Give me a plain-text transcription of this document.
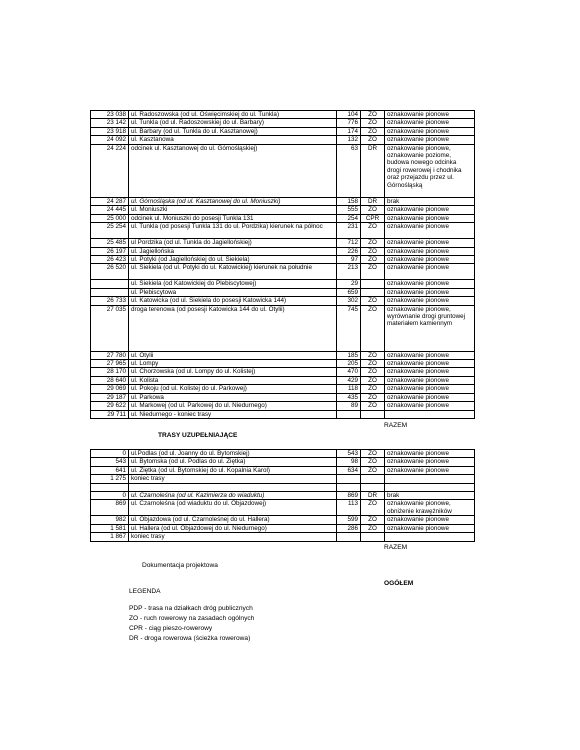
23 038	ul. Radoszowska (od ul. Oświęcimskiej do ul. Tunkla)	104	ZO	oznakowanie pionowe
23 142	ul. Tunkla (od ul. Radoszowskiej do ul. Barbary)	776	ZO	oznakowanie pionowe
23 918	ul. Barbary (od ul. Tunkla do ul. Kasztanowej)	174	ZO	oznakowanie pionowe
24 092	ul. Kasztanowa	132	ZO	oznakowanie pionowe
24 224	odcinek ul. Kasztanowej do ul. Gómośląskiej)	63	DR	oznakowanie pionowe, oznakowanie poziome, budowa nowego odcinka drogi rowerowej i chodnika oraz przejazdu przez ul. Górnośląską
24 287	ul. Górnośląska (od ul. Kasztanowej do ul. Moniuszki)	158	DR	brak
24 445	ul. Moniuszki	555	ZO	oznakowanie pionowe
25 000	odcinek ul. Moniuszki do posesji Tunkla 131	254	CPR	oznakowanie pionowe
25 254	ul. Tunkla (od posesji Tunkla 131 do ul. Pordzika) kierunek na północ	231	ZO	oznakowanie pionowe
25 485	ul Pordzika (od ul. Tunkla do Jagiellońskiej)	712	ZO	oznakowanie pionowe
26 197	ul. Jagiellońska	226	ZO	oznakowanie pionowe
26 423	ul. Potyki (od Jagiellońskiej do ul. Siekiela)	97	ZO	oznakowanie pionowe
26 520	ul. Siekiela (od ul. Potyki do ul. Katowickiej) kierunek na południe	213	ZO	oznakowanie pionowe
	ul. Siekiela (od Katowickiej do Plebiscytowej)	29		oznakowanie pionowe
	ul. Plebiscytowa	659		oznakowanie pionowe
26 733	ul. Katowicka (od ul. Siekiela do posesji Katowicka 144)	302	ZO	oznakowanie pionowe
27 035	droga terenowa (od posesji Katowicka 144 do ul. Otylii)	745	ZO	oznakowanie pionowe, wyrównanie drogi gruntowej materiałem kamiennym
27 780	ul. Otylii	185	ZO	oznakowanie pionowe
27 965	ul. Lompy	205	ZO	oznakowanie pionowe
28 170	ul. Chorzowska (od ul. Lompy do ul. Kolistej)	470	ZO	oznakowanie pionowe
28 640	ul. Kolista	429	ZO	oznakowanie pionowe
29 069	ul. Pokoju (od ul. Kolistej do ul. Parkowej)	118	ZO	oznakowanie pionowe
29 187	ul. Parkowa	435	ZO	oznakowanie pionowe
29 622	ul. Markowej (od ul. Parkowej do ul. Niedurnego)	89	ZO	oznakowanie pionowe
29 711	ul. Niedurnego - koniec trasy			
RAZEM
TRASY UZUPEŁNIAJĄCE
0	ul.Podlas (od ul. Joanny do ul. Bytomskiej)	543	ZO	oznakowanie pionowe
543	ul. Bytomska (od ul. Podlas do ul. Ziętka)	98	ZO	oznakowanie pionowe
641	ul. Ziętka (od ul. Bytomskiej do ul. Kopalnia Karol)	634	ZO	oznakowanie pionowe
1 275	koniec trasy			

0	ul. Czarnoleśna (od ul. Kazimierza do wiaduktu)	869	DR	brak
869	ul. Czarnoleśna (od wiaduktu do ul. Objazdowej)	113	ZO	oznakowanie pionowe, obniżenie krawężników
982	ul. Objazdowa (od ul. Czarnoleśnej do ul. Hallera)	599	ZO	oznakowanie pionowe
1 581	ul. Hallera (od ul. Objazdowej do ul. Niedurnego)	286	ZO	oznakowanie pionowe
1 867	koniec trasy			
RAZEM
Dokumentacja projektowa
OGÓŁEM
LEGENDA
PDP - trasa na działkach dróg publicznych
ZO - ruch rowerowy na zasadach ogólnych
CPR - ciąg pieszo-rowerowy
DR - droga rowerowa (ścieżka rowerowa)
